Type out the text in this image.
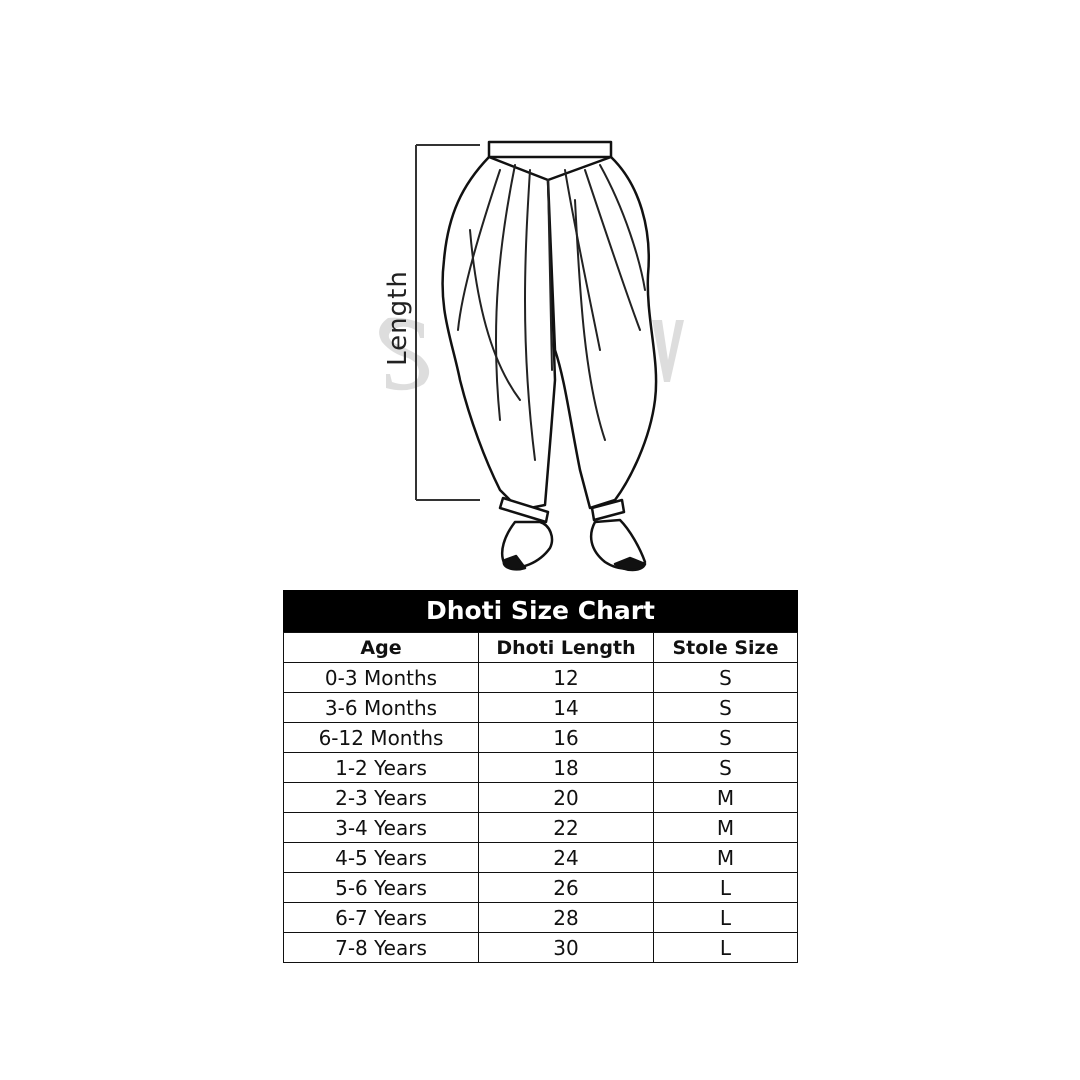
Length
Dhoti Size Chart
Age	Dhoti Length	Stole Size
0-3 Months	12	S
3-6 Months	14	S
6-12 Months	16	S
1-2 Years	18	S
2-3 Years	20	M
3-4 Years	22	M
4-5 Years	24	M
5-6 Years	26	L
6-7 Years	28	L
7-8 Years	30	L
